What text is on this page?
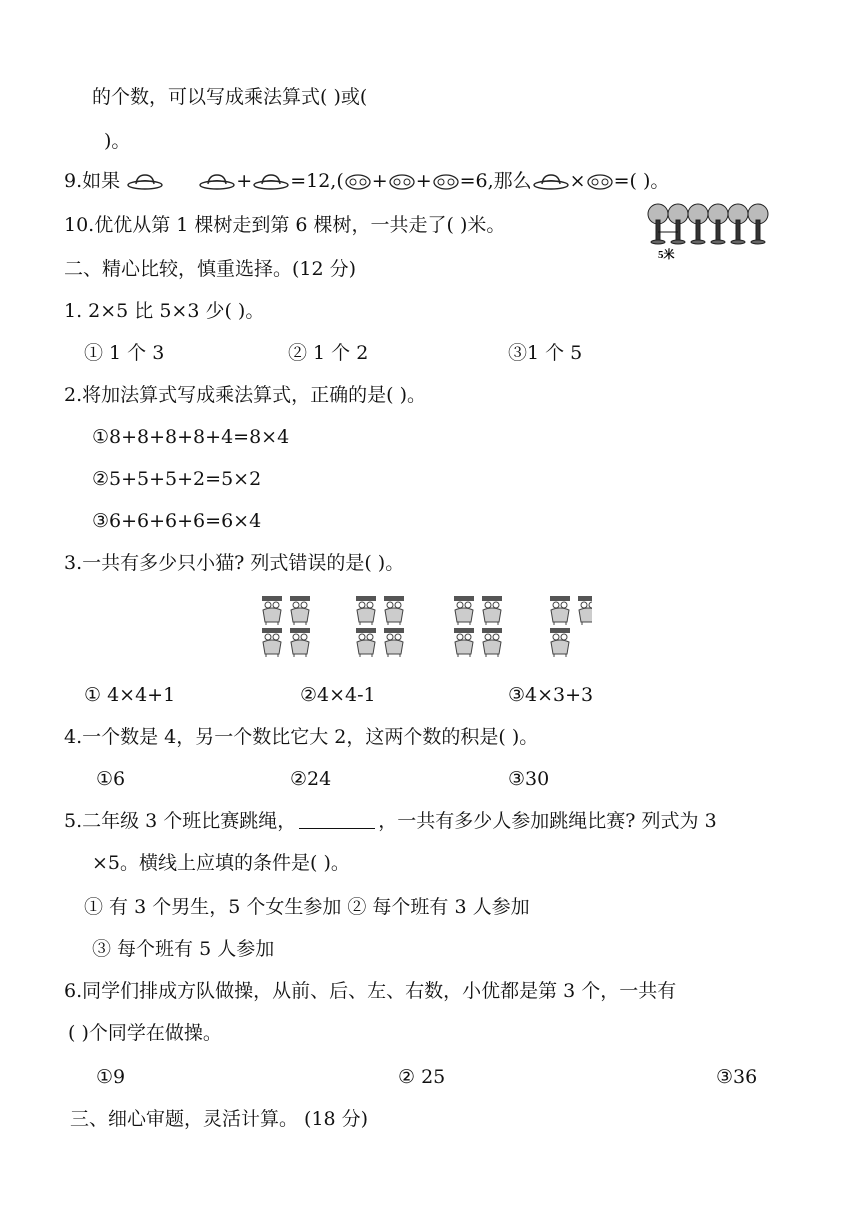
的个数，可以写成乘法算式( )或(
)。
9.如果	+ =12,( + + =6,那么 × =( )。
10.优优从第 1 棵树走到第 6 棵树，一共走了( )米。
5米
二、精心比较，慎重选择。(12 分)
1. 2×5 比 5×3 少( )。
① 1 个 3	② 1 个 2	③1 个 5
2.将加法算式写成乘法算式，正确的是( )。
①8+8+8+8+4=8×4
②5+5+5+2=5×2
③6+6+6+6=6×4
3.一共有多少只小猫? 列式错误的是( )。
① 4×4+1	②4×4-1	③4×3+3
4.一个数是 4，另一个数比它大 2，这两个数的积是( )。
①6	②24	③30
5.二年级 3 个班比赛跳绳，	，一共有多少人参加跳绳比赛? 列式为 3
×5。横线上应填的条件是( )。
① 有 3 个男生，5 个女生参加 ② 每个班有 3 人参加
③ 每个班有 5 人参加
6.同学们排成方队做操，从前、后、左、右数，小优都是第 3 个，一共有
( )个同学在做操。
①9	② 25	③36
三、细心审题，灵活计算。 (18 分)
